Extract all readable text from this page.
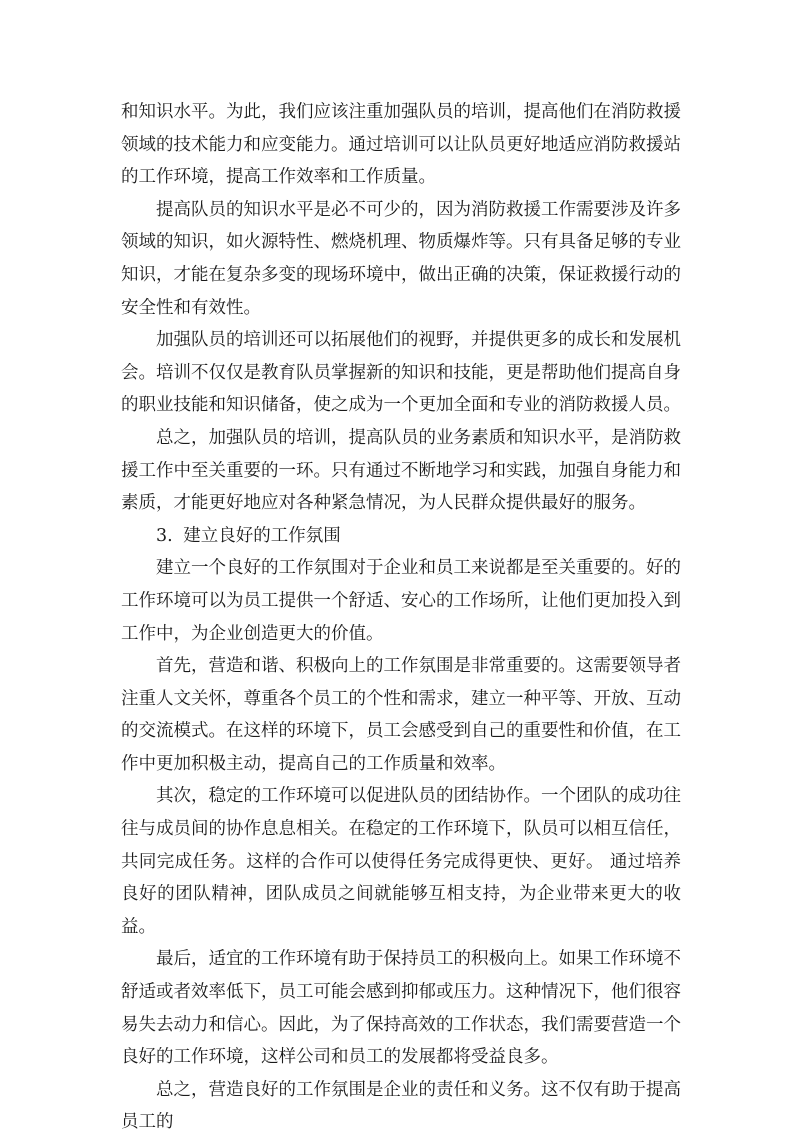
和知识水平。为此，我们应该注重加强队员的培训，提高他们在消防救援领域的技术能力和应变能力。通过培训可以让队员更好地适应消防救援站的工作环境，提高工作效率和工作质量。

提高队员的知识水平是必不可少的，因为消防救援工作需要涉及许多领域的知识，如火源特性、燃烧机理、物质爆炸等。只有具备足够的专业知识，才能在复杂多变的现场环境中，做出正确的决策，保证救援行动的安全性和有效性。

加强队员的培训还可以拓展他们的视野，并提供更多的成长和发展机会。培训不仅仅是教育队员掌握新的知识和技能，更是帮助他们提高自身的职业技能和知识储备，使之成为一个更加全面和专业的消防救援人员。

总之，加强队员的培训，提高队员的业务素质和知识水平，是消防救援工作中至关重要的一环。只有通过不断地学习和实践，加强自身能力和素质，才能更好地应对各种紧急情况，为人民群众提供最好的服务。

3. 建立良好的工作氛围

建立一个良好的工作氛围对于企业和员工来说都是至关重要的。好的工作环境可以为员工提供一个舒适、安心的工作场所，让他们更加投入到工作中，为企业创造更大的价值。

首先，营造和谐、积极向上的工作氛围是非常重要的。这需要领导者注重人文关怀，尊重各个员工的个性和需求，建立一种平等、开放、互动的交流模式。在这样的环境下，员工会感受到自己的重要性和价值，在工作中更加积极主动，提高自己的工作质量和效率。

其次，稳定的工作环境可以促进队员的团结协作。一个团队的成功往往与成员间的协作息息相关。在稳定的工作环境下，队员可以相互信任，共同完成任务。这样的合作可以使得任务完成得更快、更好。 通过培养良好的团队精神，团队成员之间就能够互相支持，为企业带来更大的收益。

最后，适宜的工作环境有助于保持员工的积极向上。如果工作环境不舒适或者效率低下，员工可能会感到抑郁或压力。这种情况下，他们很容易失去动力和信心。因此，为了保持高效的工作状态，我们需要营造一个良好的工作环境，这样公司和员工的发展都将受益良多。

总之，营造良好的工作氛围是企业的责任和义务。这不仅有助于提高员工的
